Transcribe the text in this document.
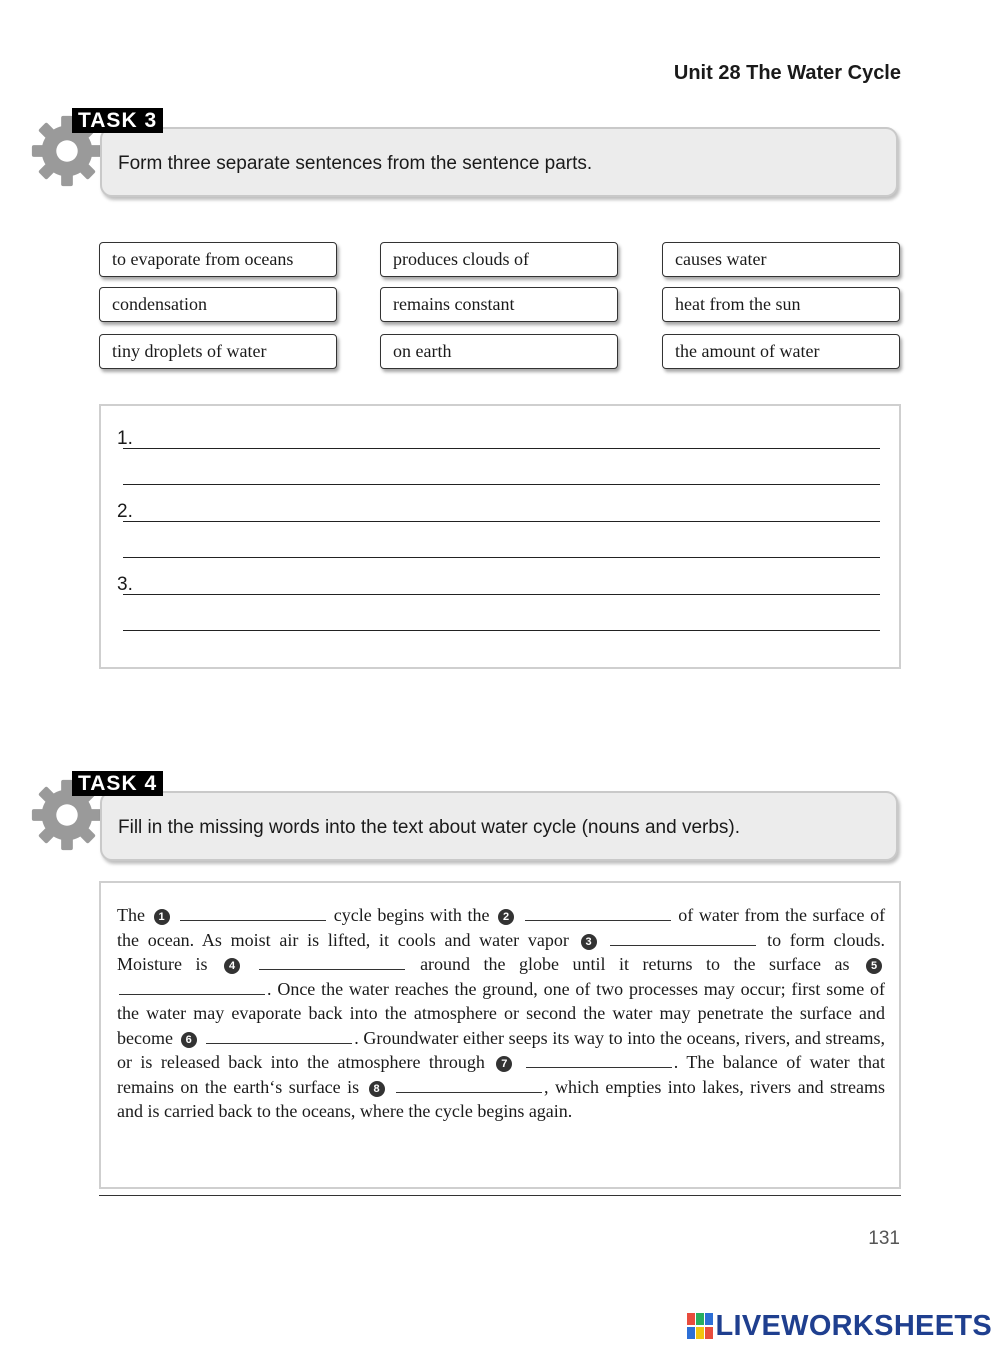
Unit 28 The Water Cycle
Form three separate sentences from the sentence parts.
TASK 3
to evaporate from oceans	produces clouds of	causes water
condensation	remains constant	heat from the sun
tiny droplets of water	on earth	the amount of water
1.
2.
3.
Fill in the missing words into the text about water cycle (nouns and verbs).
TASK 4
The 1	cycle begins with the 2	of water from the surface of the ocean. As moist air is lifted, it cools and water vapor 3	to form clouds. Moisture is 4	around the globe until it returns to the surface as 5 . Once the water reaches the ground, one of two processes may occur; first some of the water may evaporate back into the atmosphere or second the water may penetrate the surface and become 6	. Groundwater either seeps its way to into the oceans, rivers, and streams, or is released back into the atmosphere through 7	. The balance of water that remains on the earth‘s surface is 8	, which empties into lakes, rivers and streams and is carried back to the oceans, where the cycle begins again.
131
LIVEWORKSHEETS
